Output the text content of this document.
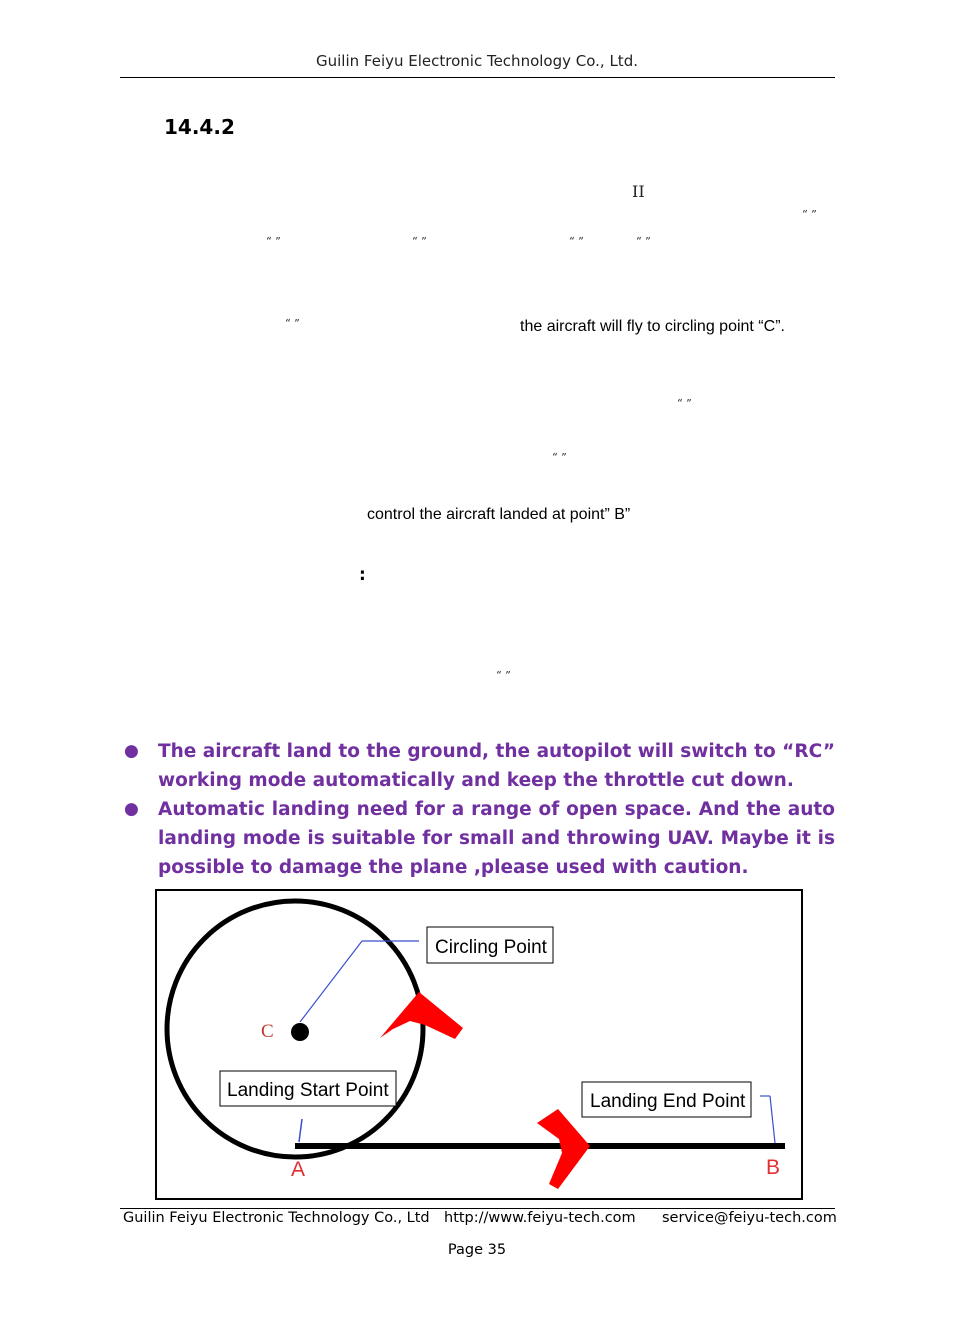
Guilin Feiyu Electronic Technology Co., Ltd.
14.4.2
II
“ ”
“ ”	“ ”	“ ”	“ ”
“ ”	the aircraft will fly to circling point “C”.
“ ”
“ ”
control the aircraft landed at point” B”
:
“ ”
● The aircraft land to the ground, the autopilot will switch to “RC” working mode automatically and keep the throttle cut down.
● Automatic landing need for a range of open space. And the auto landing mode is suitable for small and throwing UAV. Maybe it is possible to damage the plane ,please used with caution.
Circling Point
Landing Start Point
Landing End Point
C
A	B
Guilin Feiyu Electronic Technology Co., Ltd http://www.feiyu-tech.com service@feiyu-tech.com
Page 35
